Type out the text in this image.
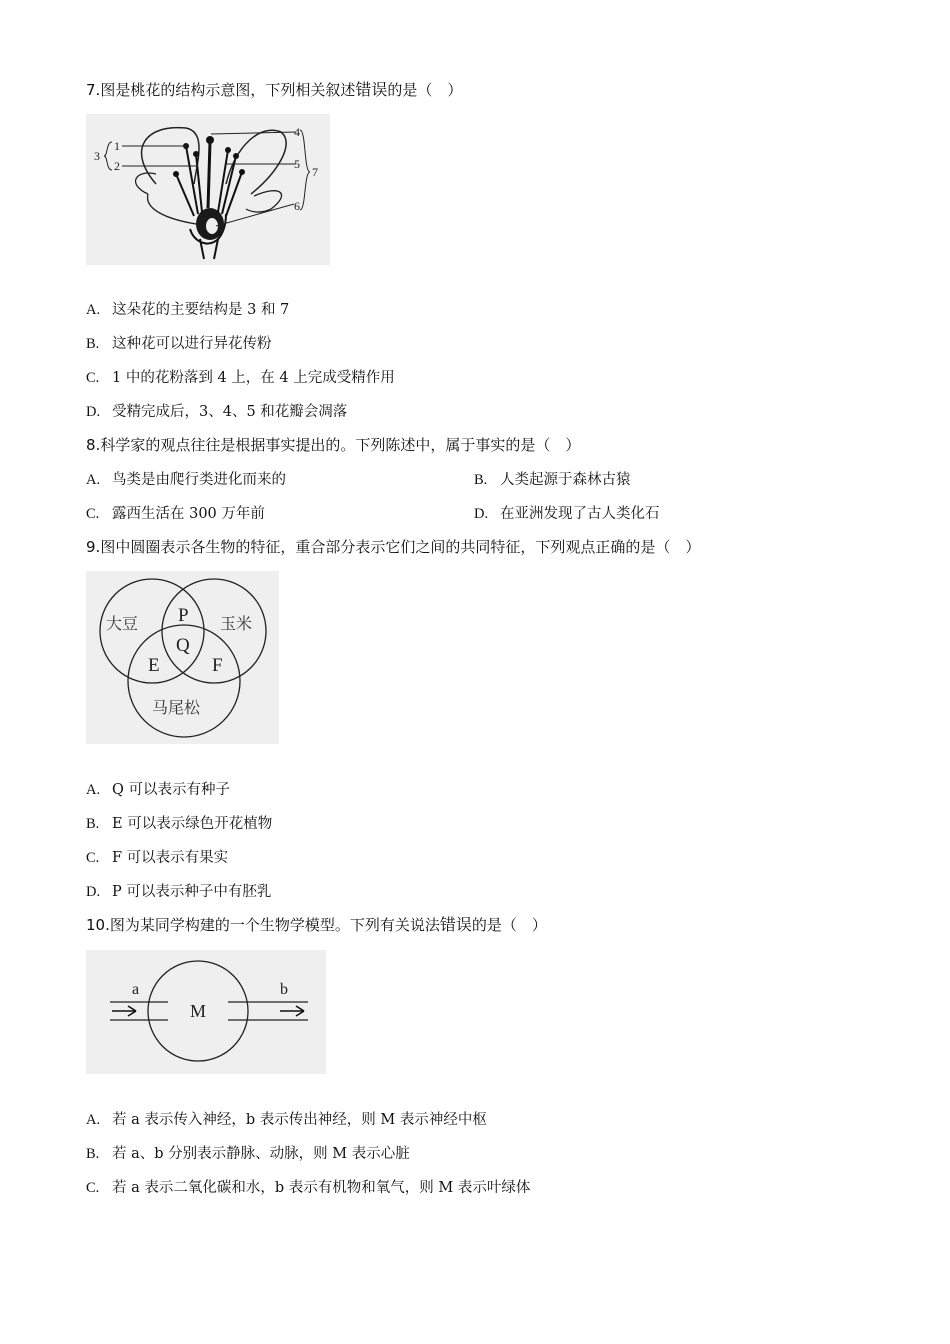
7.图是桃花的结构示意图，下列相关叙述错误的是（　）
1
2
3
4
5
6
7
A. 这朵花的主要结构是 3 和 7
B. 这种花可以进行异花传粉
C. 1 中的花粉落到 4 上，在 4 上完成受精作用
D. 受精完成后，3、4、5 和花瓣会凋落
8.科学家的观点往往是根据事实提出的。下列陈述中，属于事实的是（　）
A. 鸟类是由爬行类进化而来的	B. 人类起源于森林古猿
C. 露西生活在 300 万年前	D. 在亚洲发现了古人类化石
9.图中圆圈表示各生物的特征，重合部分表示它们之间的共同特征，下列观点正确的是（　）
大豆	玉米
马尾松
P
Q
E	F
A. Q 可以表示有种子
B. E 可以表示绿色开花植物
C. F 可以表示有果实
D. P 可以表示种子中有胚乳
10.图为某同学构建的一个生物学模型。下列有关说法错误的是（　）
a
M
b
A. 若 a 表示传入神经，b 表示传出神经，则 M 表示神经中枢
B. 若 a、b 分别表示静脉、动脉，则 M 表示心脏
C. 若 a 表示二氧化碳和水，b 表示有机物和氧气，则 M 表示叶绿体
